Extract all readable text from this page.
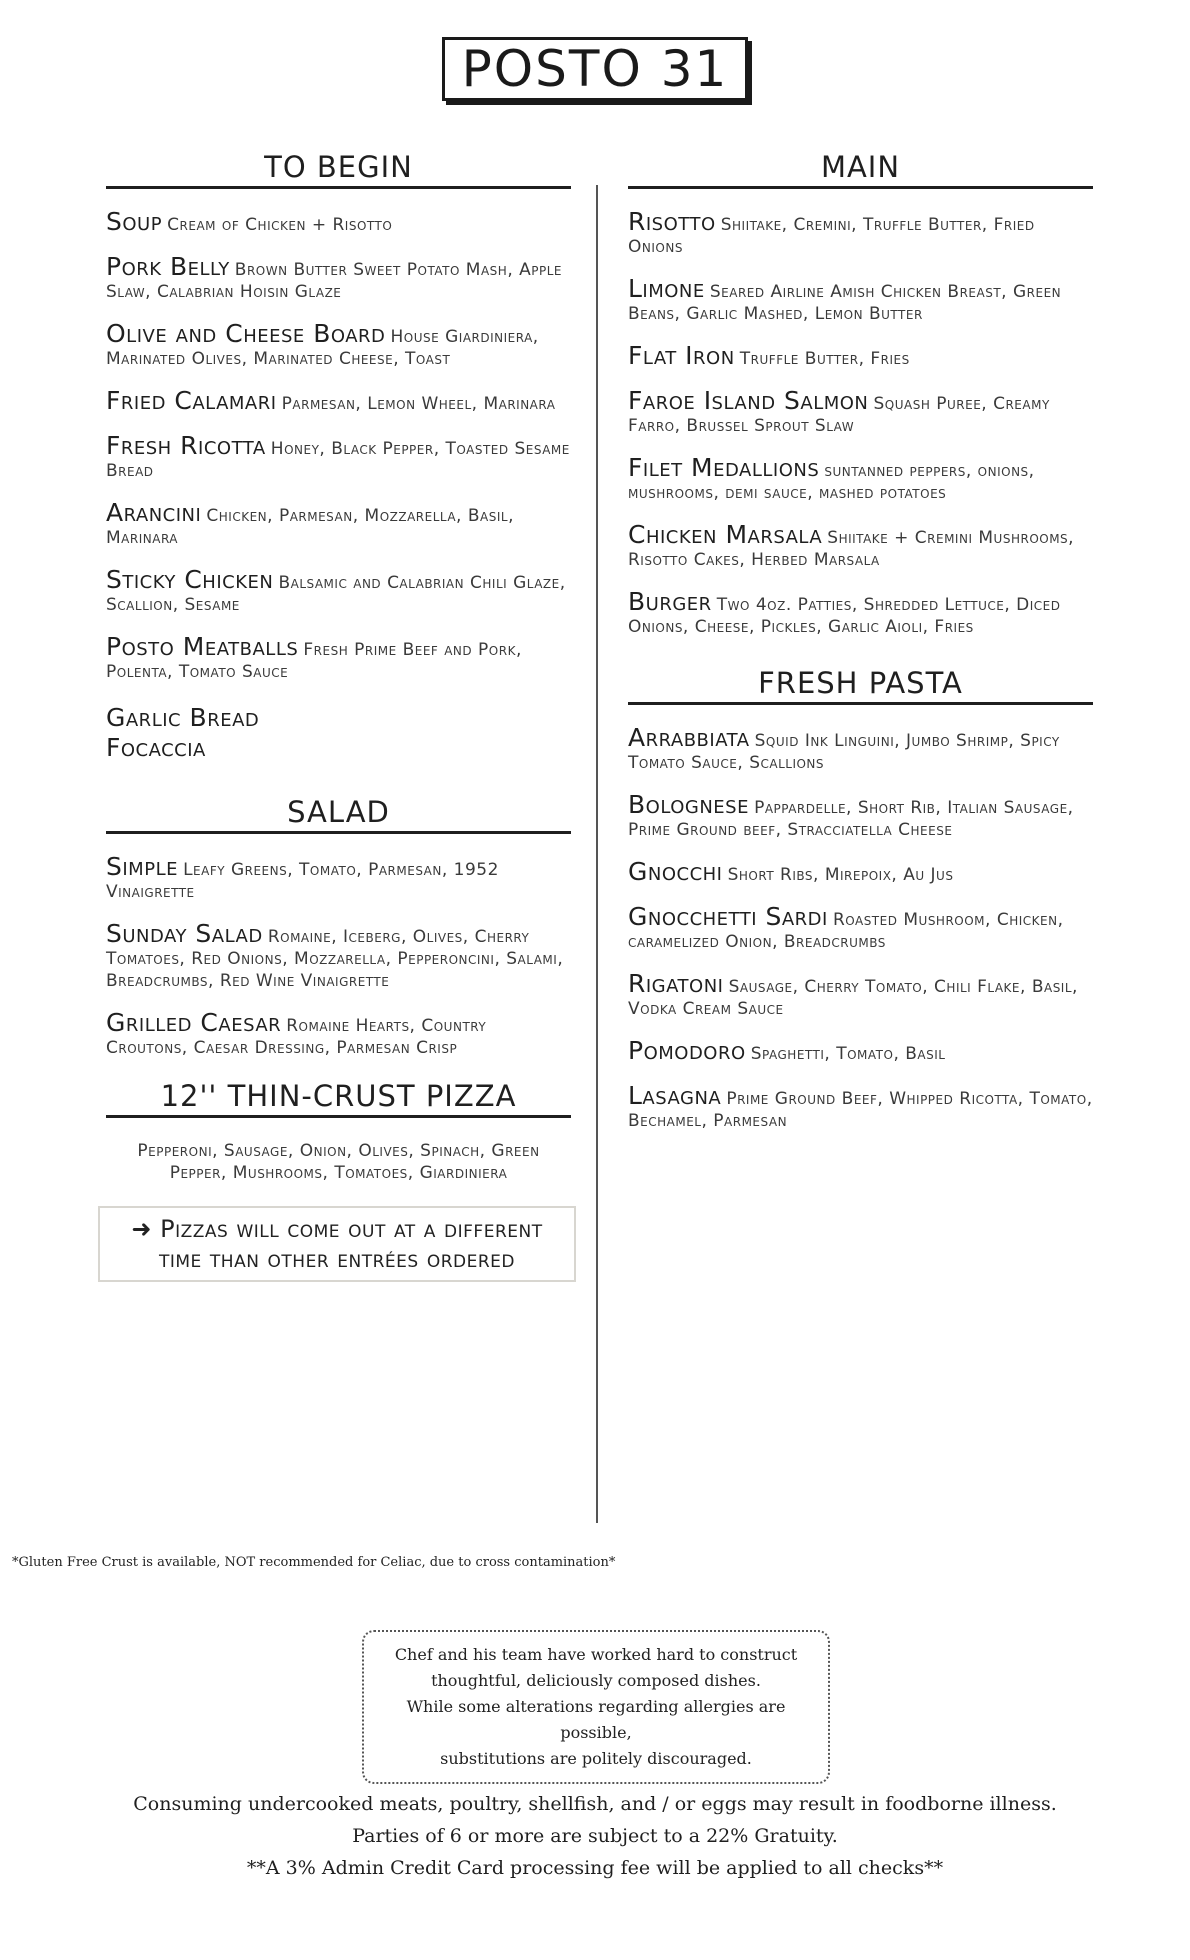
POSTO 31
TO BEGIN
Soup Cream of Chicken + Risotto
Pork Belly Brown Butter Sweet Potato Mash, Apple Slaw, Calabrian Hoisin Glaze
Olive and Cheese Board House Giardiniera, Marinated Olives, Marinated Cheese, Toast
Fried Calamari Parmesan, Lemon Wheel, Marinara
Fresh Ricotta Honey, Black Pepper, Toasted Sesame Bread
Arancini Chicken, Parmesan, Mozzarella, Basil, Marinara
Sticky Chicken Balsamic and Calabrian Chili Glaze, Scallion, Sesame
Posto Meatballs Fresh Prime Beef and Pork, Polenta, Tomato Sauce
Garlic Bread
Focaccia
SALAD
Simple Leafy Greens, Tomato, Parmesan, 1952 Vinaigrette
Sunday Salad Romaine, Iceberg, Olives, Cherry Tomatoes, Red Onions, Mozzarella, Pepperoncini, Salami, Breadcrumbs, Red Wine Vinaigrette
Grilled Caesar Romaine Hearts, Country Croutons, Caesar Dressing, Parmesan Crisp
12'' THIN-CRUST PIZZA
Pepperoni, Sausage, Onion, Olives, Spinach, Green Pepper, Mushrooms, Tomatoes, Giardiniera
➜ Pizzas will come out at a different time than other entrées ordered
MAIN
Risotto Shiitake, Cremini, Truffle Butter, Fried Onions
Limone Seared Airline Amish Chicken Breast, Green Beans, Garlic Mashed, Lemon Butter
Flat Iron Truffle Butter, Fries
Faroe Island Salmon Squash Puree, Creamy Farro, Brussel Sprout Slaw
Filet Medallions suntanned peppers, onions, mushrooms, demi sauce, mashed potatoes
Chicken Marsala Shiitake + Cremini Mushrooms, Risotto Cakes, Herbed Marsala
Burger Two 4oz. Patties, Shredded Lettuce, Diced Onions, Cheese, Pickles, Garlic Aioli, Fries
FRESH PASTA
Arrabbiata Squid Ink Linguini, Jumbo Shrimp, Spicy Tomato Sauce, Scallions
Bolognese Pappardelle, Short Rib, Italian Sausage, Prime Ground beef, Stracciatella Cheese
Gnocchi Short Ribs, Mirepoix, Au Jus
Gnocchetti Sardi Roasted Mushroom, Chicken, caramelized Onion, Breadcrumbs
Rigatoni Sausage, Cherry Tomato, Chili Flake, Basil, Vodka Cream Sauce
Pomodoro Spaghetti, Tomato, Basil
Lasagna Prime Ground Beef, Whipped Ricotta, Tomato, Bechamel, Parmesan
*Gluten Free Crust is available, NOT recommended for Celiac, due to cross contamination*
Chef and his team have worked hard to construct
thoughtful, deliciously composed dishes.
While some alterations regarding allergies are possible,
substitutions are politely discouraged.
Consuming undercooked meats, poultry, shellfish, and / or eggs may result in foodborne illness.
Parties of 6 or more are subject to a 22% Gratuity.
**A 3% Admin Credit Card processing fee will be applied to all checks**
